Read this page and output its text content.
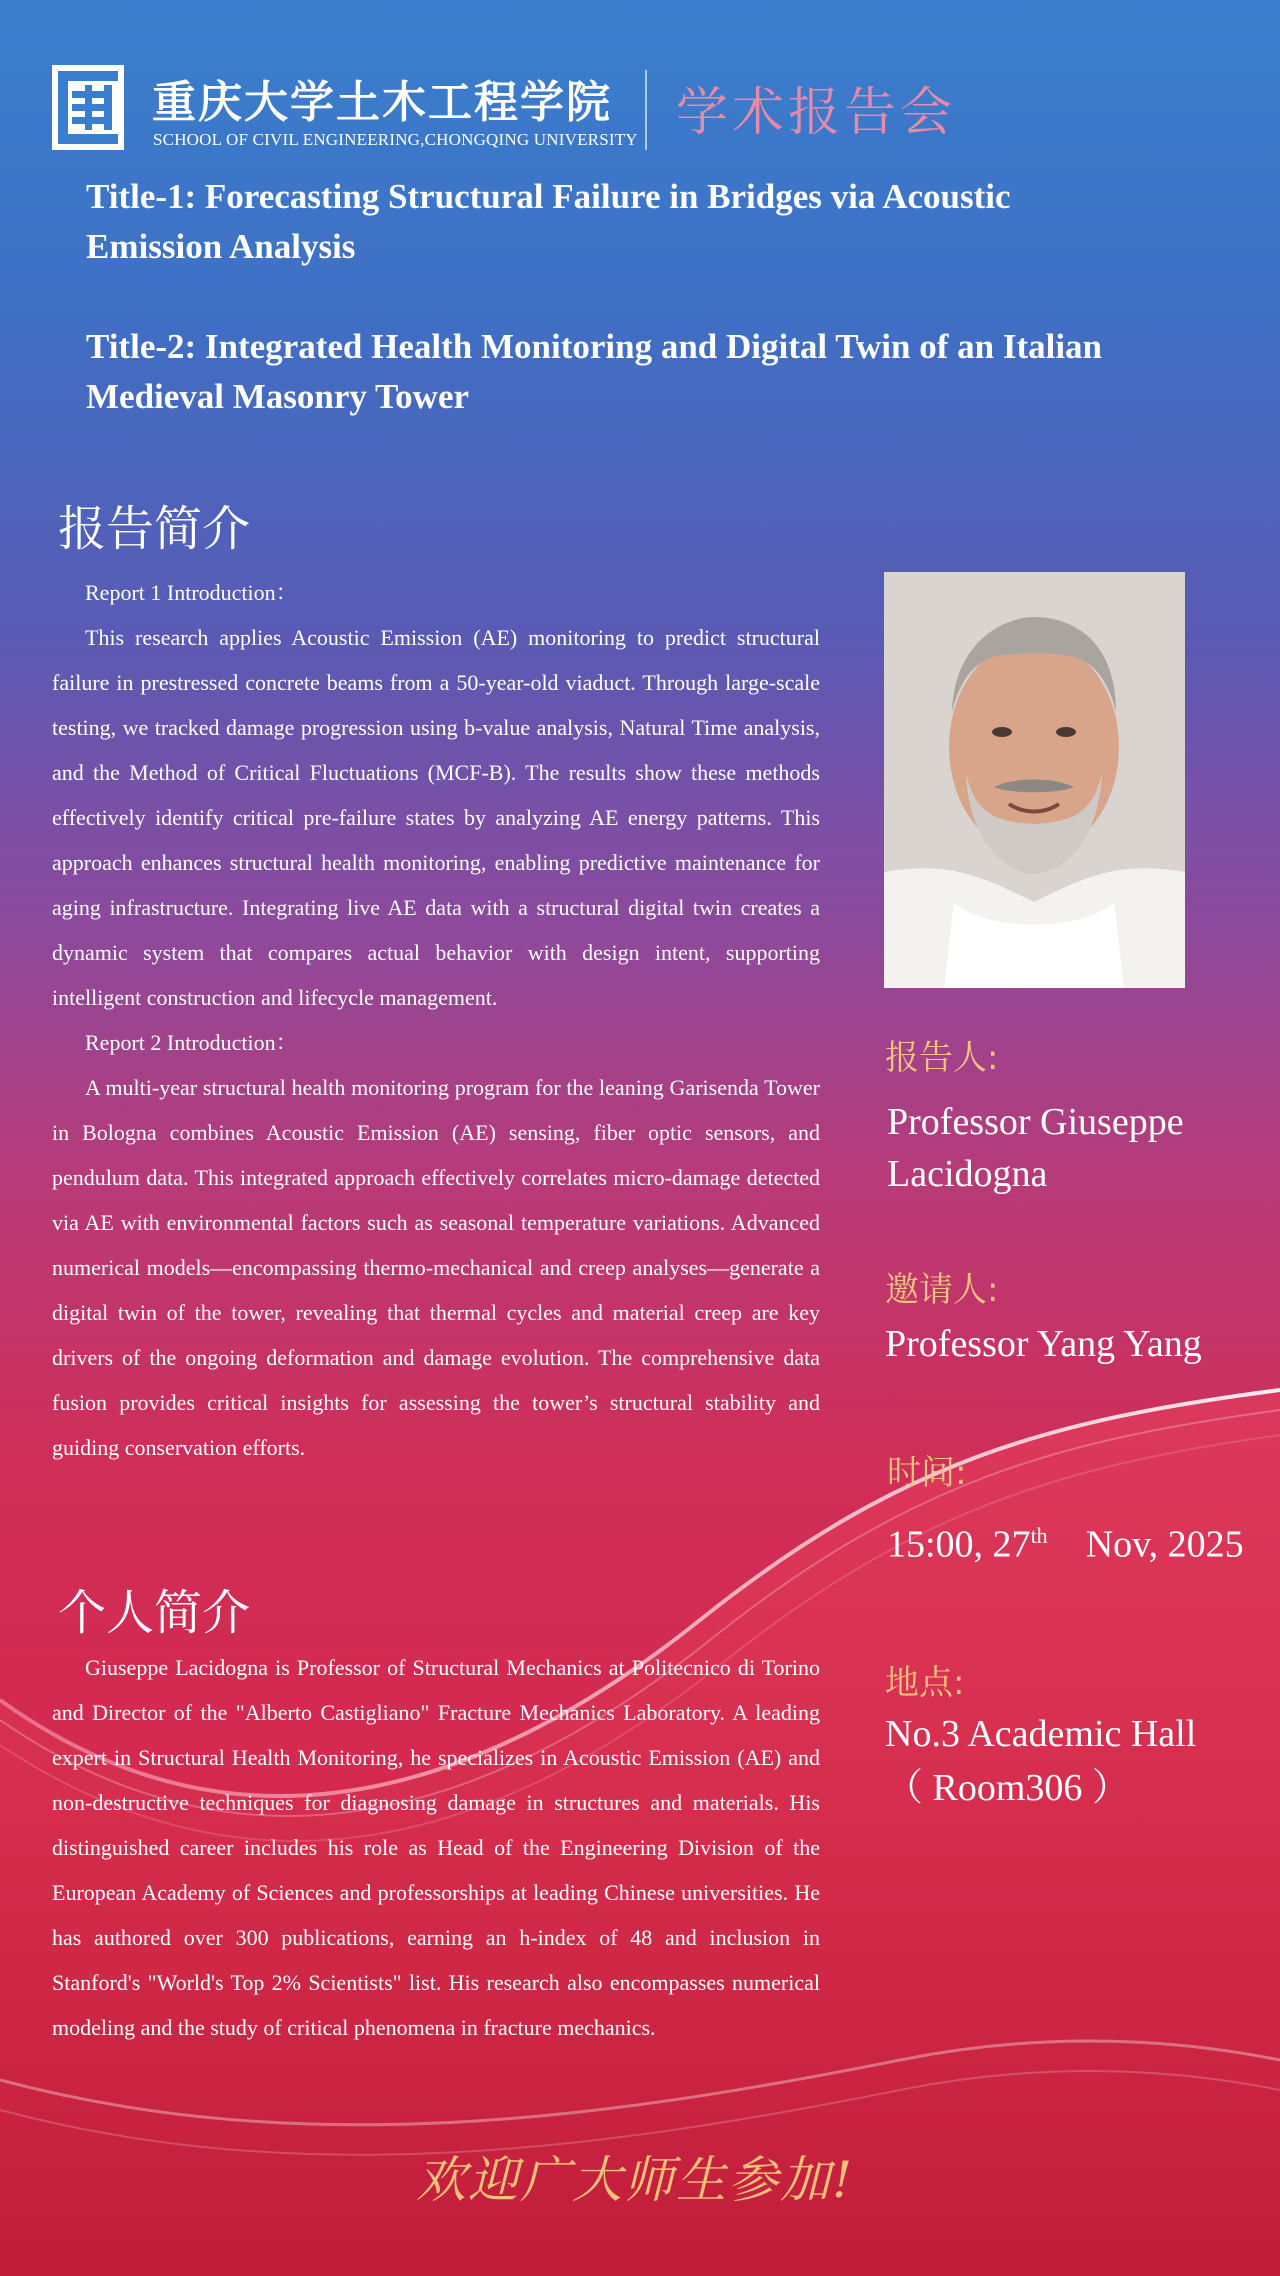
重庆大学土木工程学院
SCHOOL OF CIVIL ENGINEERING,CHONGQING UNIVERSITY 学术报告会
Title-1: Forecasting Structural Failure in Bridges via Acoustic Emission Analysis
Title-2: Integrated Health Monitoring and Digital Twin of an Italian Medieval Masonry Tower
报告简介

Report 1 Introduction：

This research applies Acoustic Emission (AE) monitoring to predict structural failure in prestressed concrete beams from a 50-year-old viaduct. Through large-scale testing, we tracked damage progression using b-value analysis, Natural Time analysis, and the Method of Critical Fluctuations (MCF-B). The results show these methods effectively identify critical pre-failure states by analyzing AE energy patterns. This approach enhances structural health monitoring, enabling predictive maintenance for aging infrastructure. Integrating live AE data with a structural digital twin creates a dynamic system that compares actual behavior with design intent, supporting intelligent construction and lifecycle management.

Report 2 Introduction：

A multi-year structural health monitoring program for the leaning Garisenda Tower in Bologna combines Acoustic Emission (AE) sensing, fiber optic sensors, and pendulum data. This integrated approach effectively correlates micro-damage detected via AE with environmental factors such as seasonal temperature variations. Advanced numerical models—encompassing thermo-mechanical and creep analyses—generate a digital twin of the tower, revealing that thermal cycles and material creep are key drivers of the ongoing deformation and damage evolution. The comprehensive data fusion provides critical insights for assessing the tower’s structural stability and guiding conservation efforts.

个人简介

Giuseppe Lacidogna is Professor of Structural Mechanics at Politecnico di Torino and Director of the "Alberto Castigliano" Fracture Mechanics Laboratory. A leading expert in Structural Health Monitoring, he specializes in Acoustic Emission (AE) and non-destructive techniques for diagnosing damage in structures and materials. His distinguished career includes his role as Head of the Engineering Division of the European Academy of Sciences and professorships at leading Chinese universities. He has authored over 300 publications, earning an h-index of 48 and inclusion in Stanford's "World's Top 2% Scientists" list. His research also encompasses numerical modeling and the study of critical phenomena in fracture mechanics.

报告人:
Professor Giuseppe
Lacidogna
邀请人:
Professor Yang Yang
时间:
15:00, 27th Nov, 2025
地点:
No.3 Academic Hall
（ Room306 ）
欢迎广大师生参加!
